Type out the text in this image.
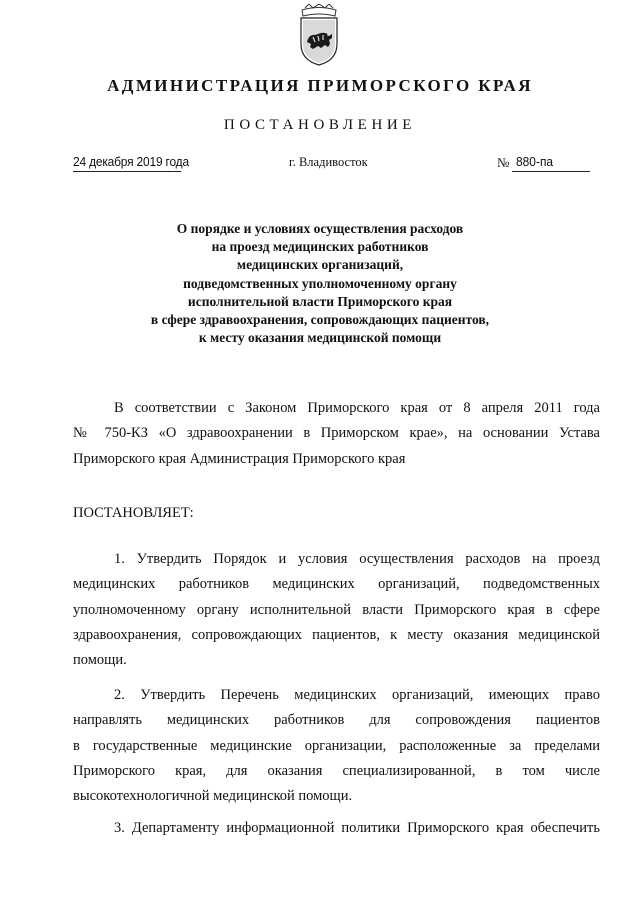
АДМИНИСТРАЦИЯ ПРИМОРСКОГО КРАЯ
ПОСТАНОВЛЕНИЕ
24 декабря 2019 года	г. Владивосток	№ 880-па
О порядке и условиях осуществления расходов
на проезд медицинских работников
медицинских организаций,
подведомственных уполномоченному органу
исполнительной власти Приморского края
в сфере здравоохранения, сопровождающих пациентов,
к месту оказания медицинской помощи
В соответствии с Законом Приморского края от 8 апреля 2011 года
№ 750-КЗ «О здравоохранении в Приморском крае», на основании Устава
Приморского края Администрация Приморского края
ПОСТАНОВЛЯЕТ:
1. Утвердить Порядок и условия осуществления расходов на проезд
медицинских работников медицинских организаций, подведомственных
уполномоченному органу исполнительной власти Приморского края в сфере
здравоохранения, сопровождающих пациентов, к месту оказания медицинской
помощи.
2. Утвердить Перечень медицинских организаций, имеющих право
направлять медицинских работников для сопровождения пациентов
в государственные медицинские организации, расположенные за пределами
Приморского края, для оказания специализированной, в том числе
высокотехнологичной медицинской помощи.
3. Департаменту информационной политики Приморского края обеспечить
